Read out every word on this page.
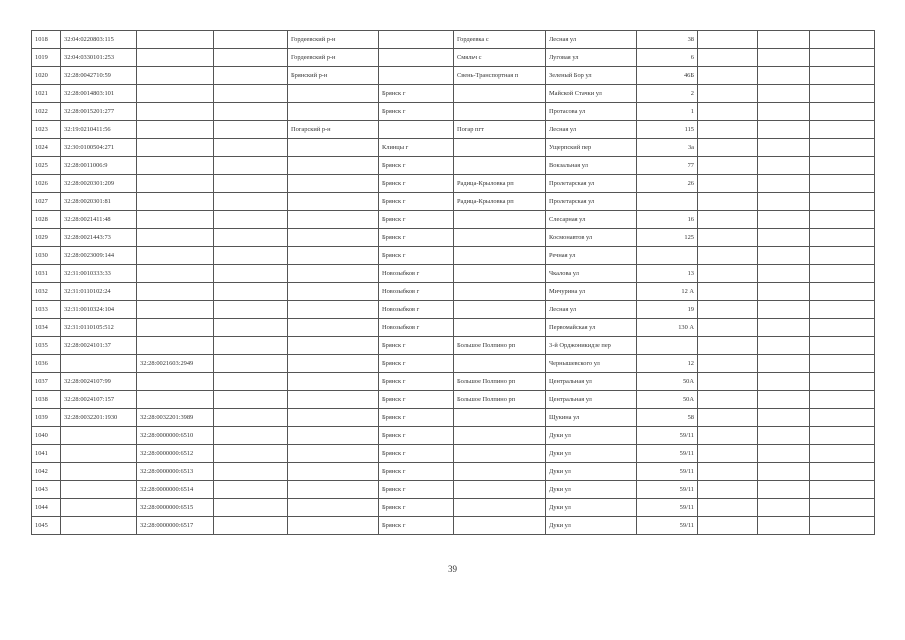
1018	32:04:0220803:115			Гордеевский р-н		Гордеевка с	Лесная ул	38			
1019	32:04:0330101:253			Гордеевский р-н		Смяльч с	Луговая ул	6			
1020	32:28:0042710:59			Брянский р-н		Свень-Транспортная п	Зеленый Бор ул	46Б			
1021	32:28:0014803:101				Брянск г		Майской Стачки ул	2			
1022	32:28:0015201:277				Брянск г		Протасова ул	1			
1023	32:19:0210411:56			Погарский р-н		Погар пгт	Лесная ул	115			
1024	32:30:0100504:271				Клинцы г		Ущерпский пер	3а			
1025	32:28:0011006:9				Брянск г		Вокзальная ул	77			
1026	32:28:0020301:209				Брянск г	Радица-Крыловка рп	Пролетарская ул	26			
1027	32:28:0020301:81				Брянск г	Радица-Крыловка рп	Пролетарская ул				
1028	32:28:0021411:48				Брянск г		Слесарная ул	16			
1029	32:28:0021443:73				Брянск г		Космонавтов ул	125			
1030	32:28:0023009:144				Брянск г		Речная ул				
1031	32:31:0010333:33				Новозыбков г		Чкалова ул	13			
1032	32:31:0110102:24				Новозыбков г		Мичурина ул	12 А			
1033	32:31:0010324:104				Новозыбков г		Лесная ул	19			
1034	32:31:0110105:512				Новозыбков г		Первомайская ул	130 А			
1035	32:28:0024101:37				Брянск г	Большое Полпино рп	3-й Орджоникидзе пер				
1036		32:28:0021603:2949			Брянск г		Чернышевского ул	12			
1037	32:28:0024107:99				Брянск г	Большое Полпино рп	Центральная ул	50А			
1038	32:28:0024107:157				Брянск г	Большое Полпино рп	Центральная ул	50А			
1039	32:28:0032201:1930	32:28:0032201:3989			Брянск г		Щукина ул	58			
1040		32:28:0000000:6510			Брянск г		Дуки ул	59/11			
1041		32:28:0000000:6512			Брянск г		Дуки ул	59/11			
1042		32:28:0000000:6513			Брянск г		Дуки ул	59/11			
1043		32:28:0000000:6514			Брянск г		Дуки ул	59/11			
1044		32:28:0000000:6515			Брянск г		Дуки ул	59/11			
1045		32:28:0000000:6517			Брянск г		Дуки ул	59/11			
39
